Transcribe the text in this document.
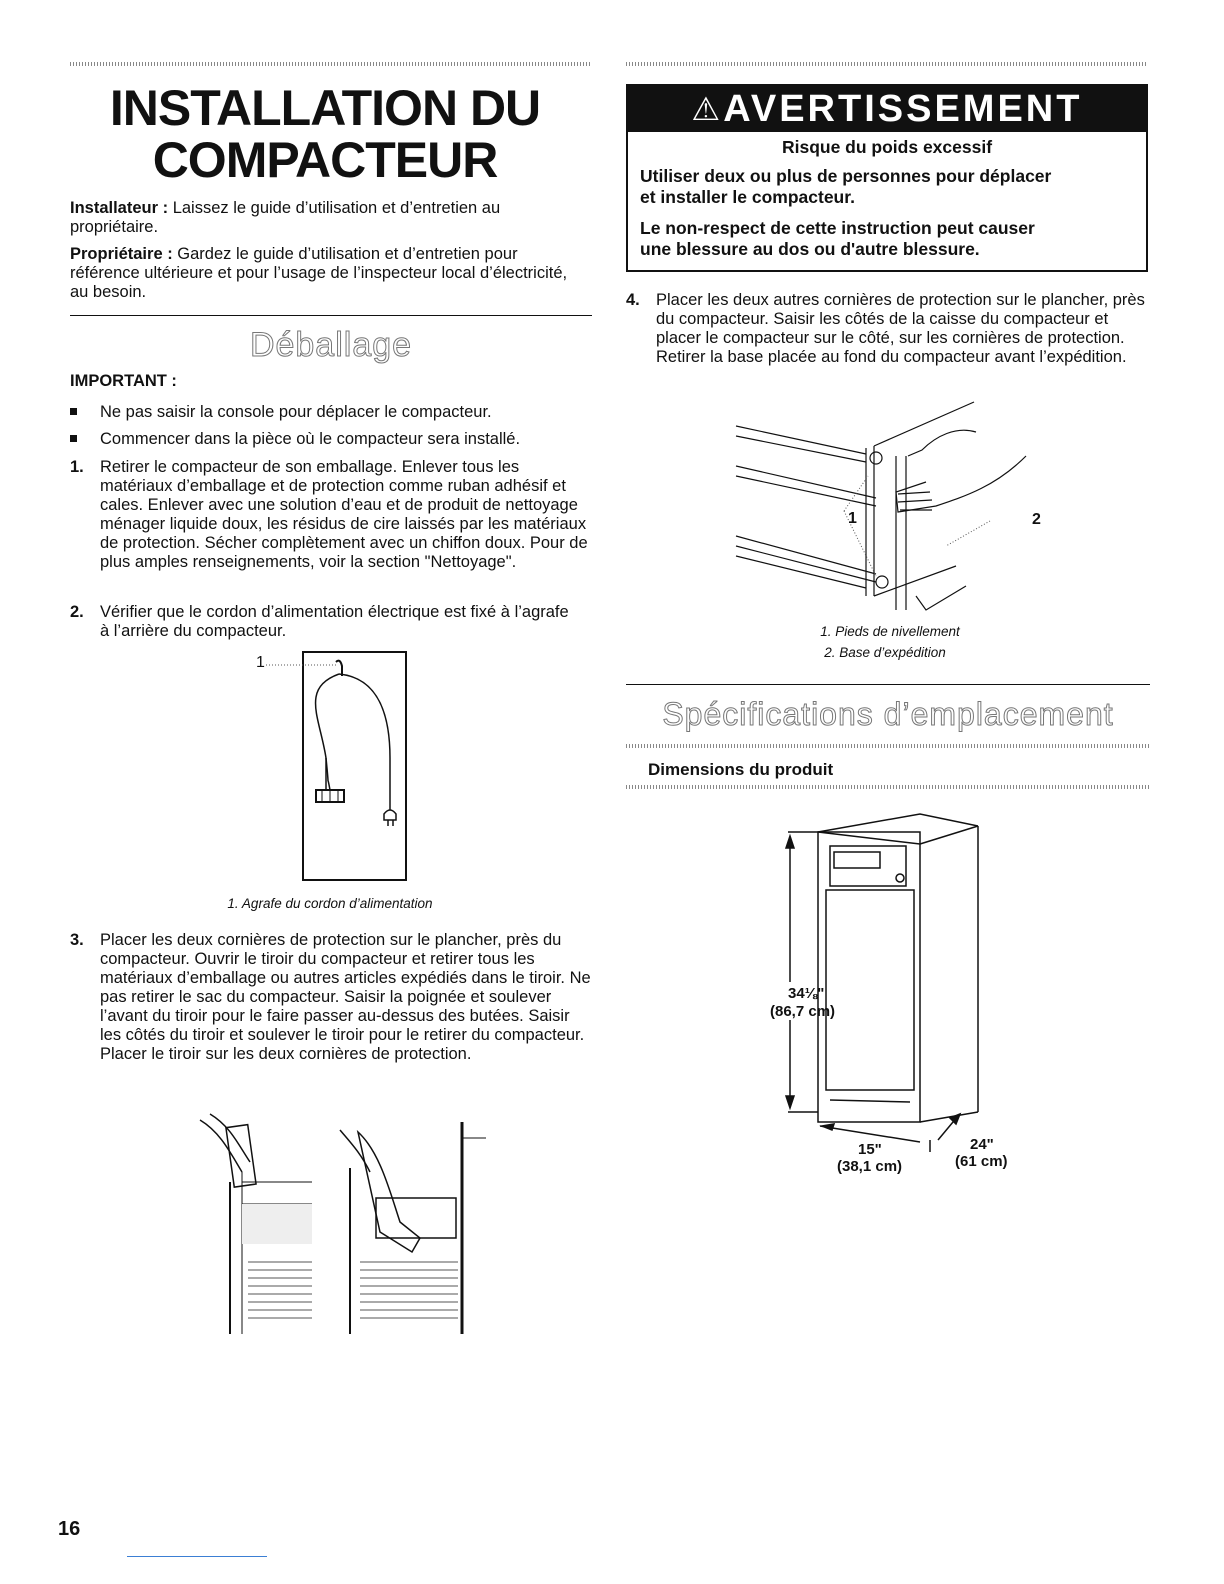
INSTALLATION DU
COMPACTEUR
Installateur : Laissez le guide d’utilisation et d’entretien au propriétaire.
Propriétaire : Gardez le guide d’utilisation et d’entretien pour référence ultérieure et pour l’usage de l’inspecteur local d’électricité, au besoin.
Déballage
IMPORTANT :
Ne pas saisir la console pour déplacer le compacteur.
Commencer dans la pièce où le compacteur sera installé.
1. Retirer le compacteur de son emballage. Enlever tous les matériaux d’emballage et de protection comme ruban adhésif et cales. Enlever avec une solution d’eau et de produit de nettoyage ménager liquide doux, les résidus de cire laissés par les matériaux de protection. Sécher complètement avec un chiffon doux. Pour de plus amples renseignements, voir la section "Nettoyage".
2. Vérifier que le cordon d’alimentation électrique est fixé à l’agrafe à l’arrière du compacteur.
1
1. Agrafe du cordon d’alimentation
3. Placer les deux cornières de protection sur le plancher, près du compacteur. Ouvrir le tiroir du compacteur et retirer tous les matériaux d’emballage ou autres articles expédiés dans le tiroir. Ne pas retirer le sac du compacteur. Saisir la poignée et soulever l’avant du tiroir pour le faire passer au-dessus des butées. Saisir les côtés du tiroir et soulever le tiroir pour le retirer du compacteur. Placer le tiroir sur les deux cornières de protection.
16
⚠AVERTISSEMENT
Risque du poids excessif
Utiliser deux ou plus de personnes pour déplacer
et installer le compacteur.
Le non-respect de cette instruction peut causer
une blessure au dos ou d'autre blessure.
4. Placer les deux autres cornières de protection sur le plancher, près du compacteur. Saisir les côtés de la caisse du compacteur et placer le compacteur sur le côté, sur les cornières de protection. Retirer la base placée au fond du compacteur avant l’expédition.
1	2
1. Pieds de nivellement
2. Base d’expédition
Spécifications d’emplacement
Dimensions du produit
34⅛"
(86,7 cm)
15"
(38,1 cm)
24"
(61 cm)
